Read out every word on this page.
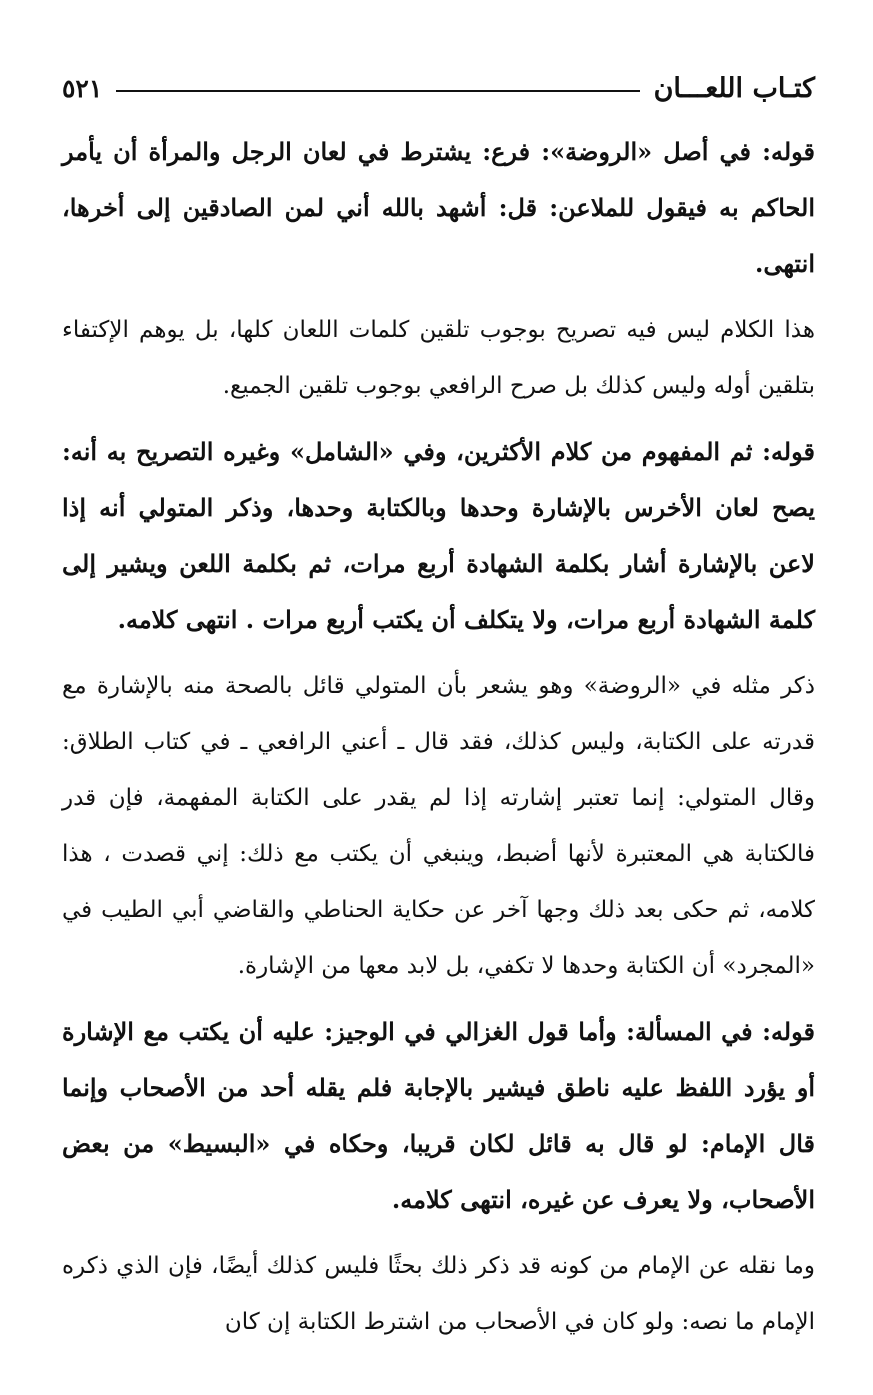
كتـاب اللعـــان
٥٢١

قوله: في أصل «الروضة»: فرع: يشترط في لعان الرجل والمرأة أن يأمر الحاكم به فيقول للملاعن: قل: أشهد بالله أني لمن الصادقين إلى أخرها، انتهى.

هذا الكلام ليس فيه تصريح بوجوب تلقين كلمات اللعان كلها، بل يوهم الإكتفاء بتلقين أوله وليس كذلك بل صرح الرافعي بوجوب تلقين الجميع.

قوله: ثم المفهوم من كلام الأكثرين، وفي «الشامل» وغيره التصريح به أنه: يصح لعان الأخرس بالإشارة وحدها وبالكتابة وحدها، وذكر المتولي أنه إذا لاعن بالإشارة أشار بكلمة الشهادة أربع مرات، ثم بكلمة اللعن ويشير إلى كلمة الشهادة أربع مرات، ولا يتكلف أن يكتب أربع مرات . انتهى كلامه.

ذكر مثله في «الروضة» وهو يشعر بأن المتولي قائل بالصحة منه بالإشارة مع قدرته على الكتابة، وليس كذلك، فقد قال ـ أعني الرافعي ـ في كتاب الطلاق: وقال المتولي: إنما تعتبر إشارته إذا لم يقدر على الكتابة المفهمة، فإن قدر فالكتابة هي المعتبرة لأنها أضبط، وينبغي أن يكتب مع ذلك: إني قصدت ، هذا كلامه، ثم حكى بعد ذلك وجها آخر عن حكاية الحناطي والقاضي أبي الطيب في «المجرد» أن الكتابة وحدها لا تكفي، بل لابد معها من الإشارة.

قوله: في المسألة: وأما قول الغزالي في الوجيز: عليه أن يكتب مع الإشارة أو يؤرد اللفظ عليه ناطق فيشير بالإجابة فلم يقله أحد من الأصحاب وإنما قال الإمام: لو قال به قائل لكان قريبا، وحكاه في «البسيط» من بعض الأصحاب، ولا يعرف عن غيره، انتهى كلامه.

وما نقله عن الإمام من كونه قد ذكر ذلك بحثًا فليس كذلك أيضًا، فإن الذي ذكره الإمام ما نصه: ولو كان في الأصحاب من اشترط الكتابة إن كان
